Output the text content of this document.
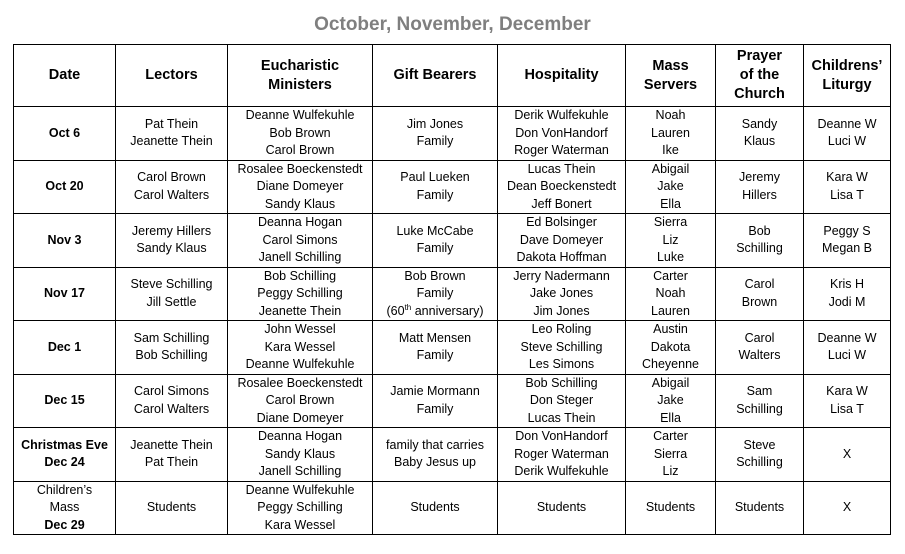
October, November, December
Date	Lectors	Eucharistic
Ministers	Gift Bearers	Hospitality	Mass
Servers	Prayer
of the
Church	Childrens’
Liturgy

Oct 6	Pat Thein
Jeanette Thein	Deanne Wulfekuhle
Bob Brown
Carol Brown	Jim Jones
Family	Derik Wulfekuhle
Don VonHandorf
Roger Waterman	Noah
Lauren
Ike	Sandy
Klaus	Deanne W
Luci W

Oct 20	Carol Brown
Carol Walters	Rosalee Boeckenstedt
Diane Domeyer
Sandy Klaus	Paul Lueken
Family	Lucas Thein
Dean Boeckenstedt
Jeff Bonert	Abigail
Jake
Ella	Jeremy
Hillers	Kara W
Lisa T

Nov 3	Jeremy Hillers
Sandy Klaus	Deanna Hogan
Carol Simons
Janell Schilling	Luke McCabe
Family	Ed Bolsinger
Dave Domeyer
Dakota Hoffman	Sierra
Liz
Luke	Bob
Schilling	Peggy S
Megan B

Nov 17	Steve Schilling
Jill Settle	Bob Schilling
Peggy Schilling
Jeanette Thein	Bob Brown
Family
(60th anniversary)	Jerry Nadermann
Jake Jones
Jim Jones	Carter
Noah
Lauren	Carol
Brown	Kris H
Jodi M

Dec 1	Sam Schilling
Bob Schilling	John Wessel
Kara Wessel
Deanne Wulfekuhle	Matt Mensen
Family	Leo Roling
Steve Schilling
Les Simons	Austin
Dakota
Cheyenne	Carol
Walters	Deanne W
Luci W

Dec 15	Carol Simons
Carol Walters	Rosalee Boeckenstedt
Carol Brown
Diane Domeyer	Jamie Mormann
Family	Bob Schilling
Don Steger
Lucas Thein	Abigail
Jake
Ella	Sam
Schilling	Kara W
Lisa T

Christmas Eve
Dec 24	Jeanette Thein
Pat Thein	Deanna Hogan
Sandy Klaus
Janell Schilling	family that carries
Baby Jesus up	Don VonHandorf
Roger Waterman
Derik Wulfekuhle	Carter
Sierra
Liz	Steve
Schilling	X

Children’s
Mass
Dec 29	Students	Deanne Wulfekuhle
Peggy Schilling
Kara Wessel	Students	Students	Students	Students	X
